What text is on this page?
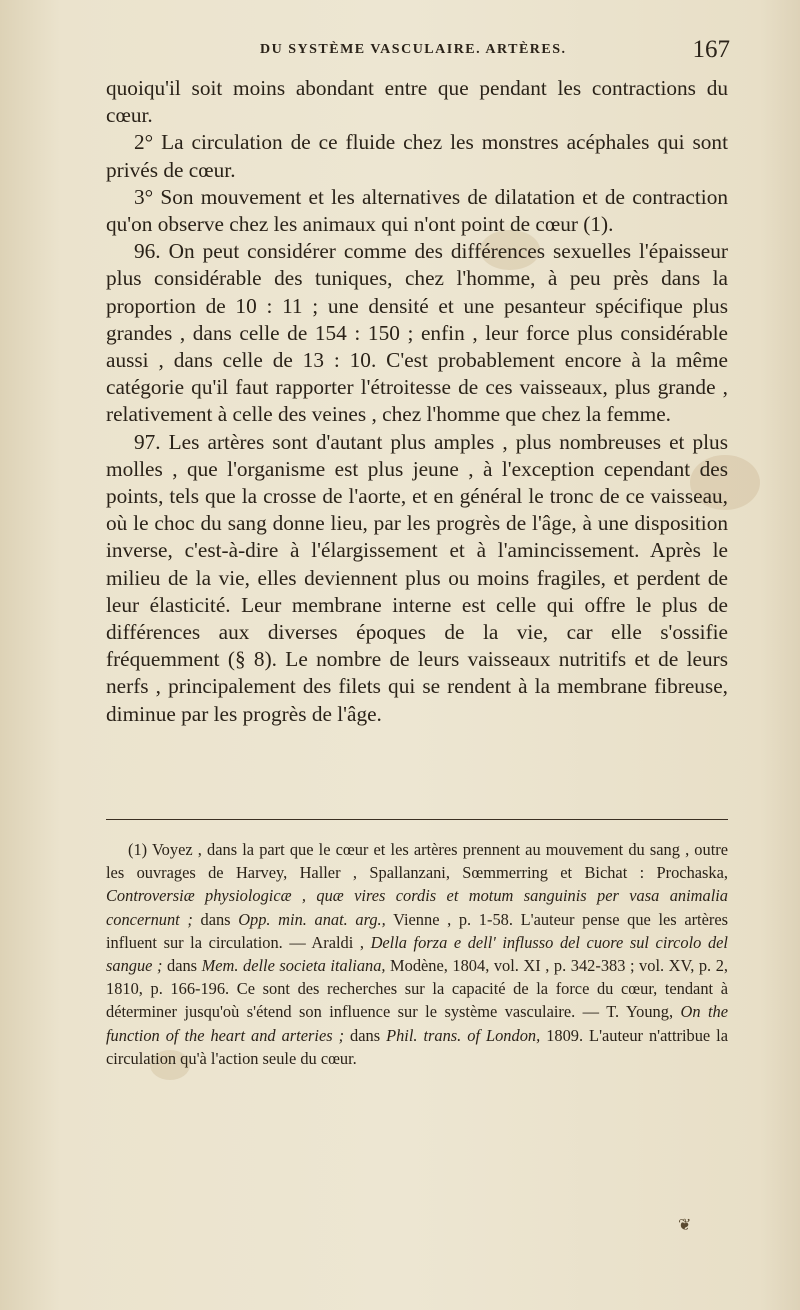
DU SYSTÈME VASCULAIRE. ARTÈRES.	167

quoiqu'il soit moins abondant entre que pendant les contractions du cœur.

2° La circulation de ce fluide chez les monstres acéphales qui sont privés de cœur.

3° Son mouvement et les alternatives de dilatation et de contraction qu'on observe chez les animaux qui n'ont point de cœur (1).

96. On peut considérer comme des différences sexuelles l'épaisseur plus considérable des tuniques, chez l'homme, à peu près dans la proportion de 10 : 11 ; une densité et une pesanteur spécifique plus grandes , dans celle de 154 : 150 ; enfin , leur force plus considérable aussi , dans celle de 13 : 10. C'est probablement encore à la même catégorie qu'il faut rapporter l'étroitesse de ces vaisseaux, plus grande , relativement à celle des veines , chez l'homme que chez la femme.

97. Les artères sont d'autant plus amples , plus nombreuses et plus molles , que l'organisme est plus jeune , à l'exception cependant des points, tels que la crosse de l'aorte, et en général le tronc de ce vaisseau, où le choc du sang donne lieu, par les progrès de l'âge, à une disposition inverse, c'est-à-dire à l'élargissement et à l'amincissement. Après le milieu de la vie, elles deviennent plus ou moins fragiles, et perdent de leur élasticité. Leur membrane interne est celle qui offre le plus de différences aux diverses époques de la vie, car elle s'ossifie fréquemment (§ 8). Le nombre de leurs vaisseaux nutritifs et de leurs nerfs , principalement des filets qui se rendent à la membrane fibreuse, diminue par les progrès de l'âge.

(1) Voyez , dans la part que le cœur et les artères prennent au mouvement du sang , outre les ouvrages de Harvey, Haller , Spallanzani, Sœmmerring et Bichat : Prochaska, Controversiæ physiologicæ , quæ vires cordis et motum sanguinis per vasa animalia concernunt ; dans Opp. min. anat. arg., Vienne , p. 1-58. L'auteur pense que les artères influent sur la circulation. — Araldi , Della forza e dell' influsso del cuore sul circolo del sangue ; dans Mem. delle societa italiana, Modène, 1804, vol. XI , p. 342-383 ; vol. XV, p. 2, 1810, p. 166-196. Ce sont des recherches sur la capacité de la force du cœur, tendant à déterminer jusqu'où s'étend son influence sur le système vasculaire. — T. Young, On the function of the heart and arteries ; dans Phil. trans. of London, 1809. L'auteur n'attribue la circulation qu'à l'action seule du cœur.
❦
